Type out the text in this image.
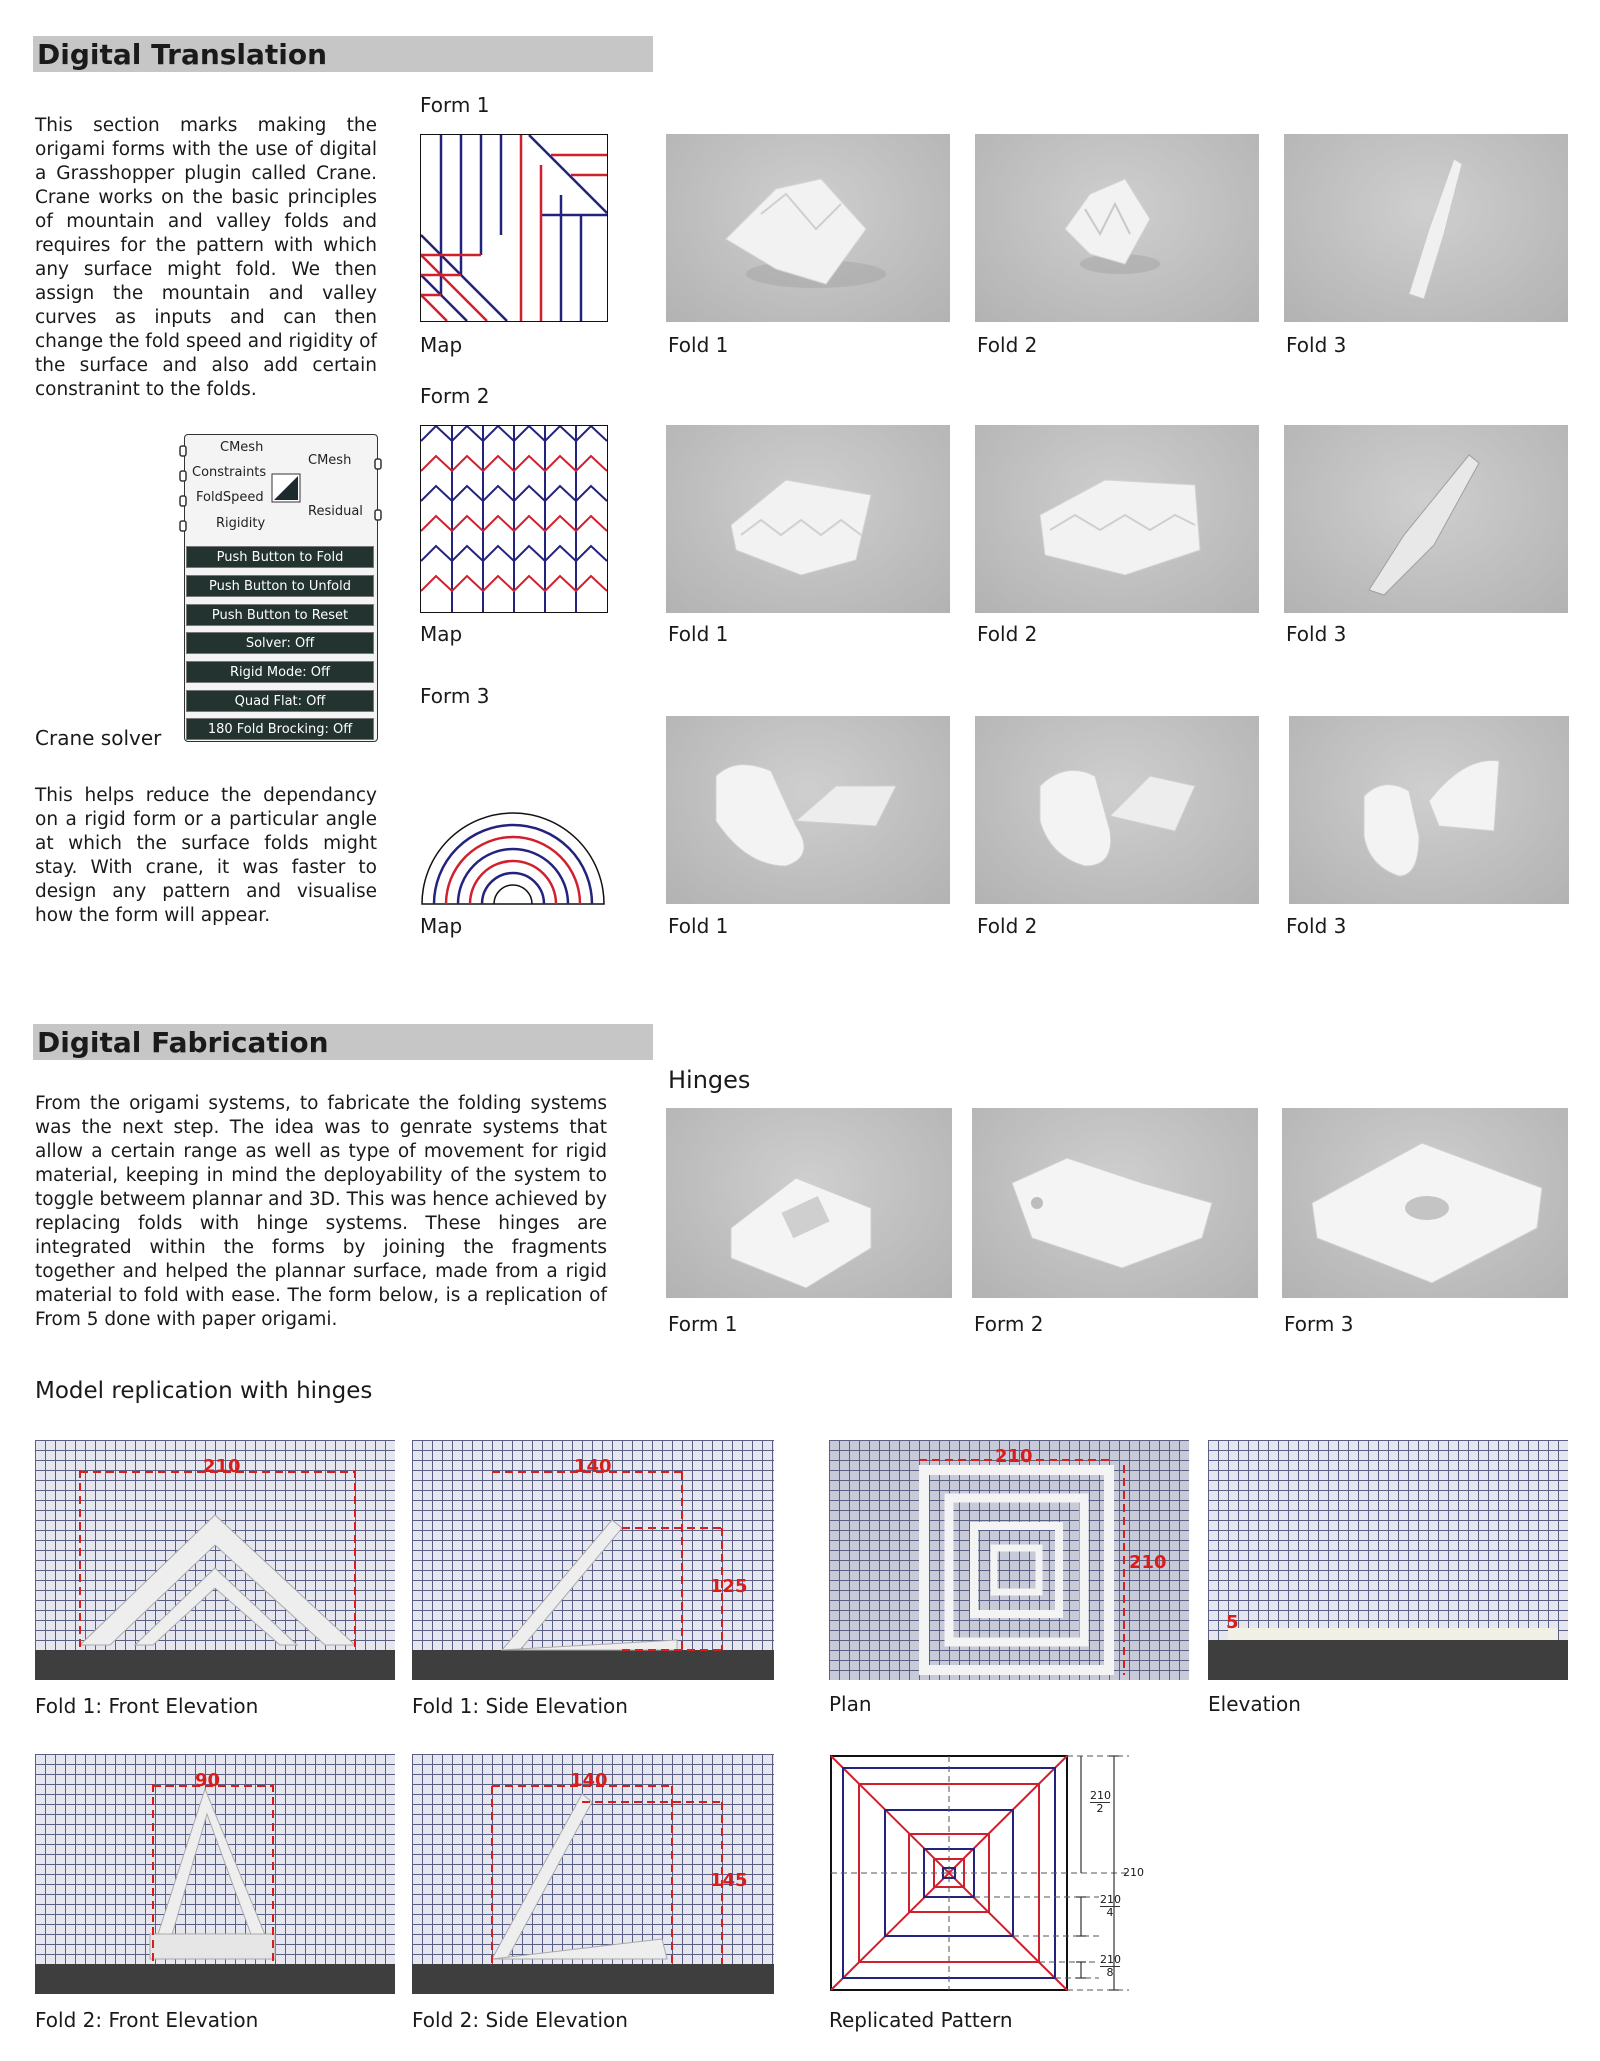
Digital Translation
This section marks making the origami forms with the use of digital a Grasshopper plugin called Crane. Crane works on the basic principles of mountain and valley folds and requires for the pattern with which any surface might fold. We then assign the mountain and valley curves as inputs and can then change the fold speed and rigidity of the surface and also add certain constranint to the folds.
CMesh
Constraints
FoldSpeed
Rigidity
CMesh
Residual
Push Button to Fold
Push Button to Unfold
Push Button to Reset
Solver: Off
Rigid Mode: Off
Quad Flat: Off
180 Fold Brocking: Off
Crane solver
This helps reduce the dependancy on a rigid form or a particular angle at which the surface folds might stay. With crane, it was faster to design any pattern and visualise how the form will appear.
Form 1
Form 2
Form 3
Map
Map
Map
Fold 1	Fold 2	Fold 3
Fold 1	Fold 2	Fold 3
Fold 1	Fold 2	Fold 3
Digital Fabrication
From the origami systems, to fabricate the folding systems was the next step. The idea was to genrate systems that allow a certain range as well as type of movement for rigid material, keeping in mind the deployability of the system to toggle betweem plannar and 3D. This was hence achieved by replacing folds with hinge systems. These hinges are integrated within the forms by joining the fragments together and helped the plannar surface, made from a rigid material to fold with ease. The form below, is a replication of From 5 done with paper origami.
Hinges
Form 1	Form 2	Form 3
Model replication with hinges
210	140
125
210
210
5
Fold 1: Front Elevation	Fold 1: Side Elevation	Plan	Elevation
90	140
145	210
$\frac{210}{2}$
$\frac{210}{4}$
$\frac{210}{8}$
Fold 2: Front Elevation	Fold 2: Side Elevation	Replicated Pattern
